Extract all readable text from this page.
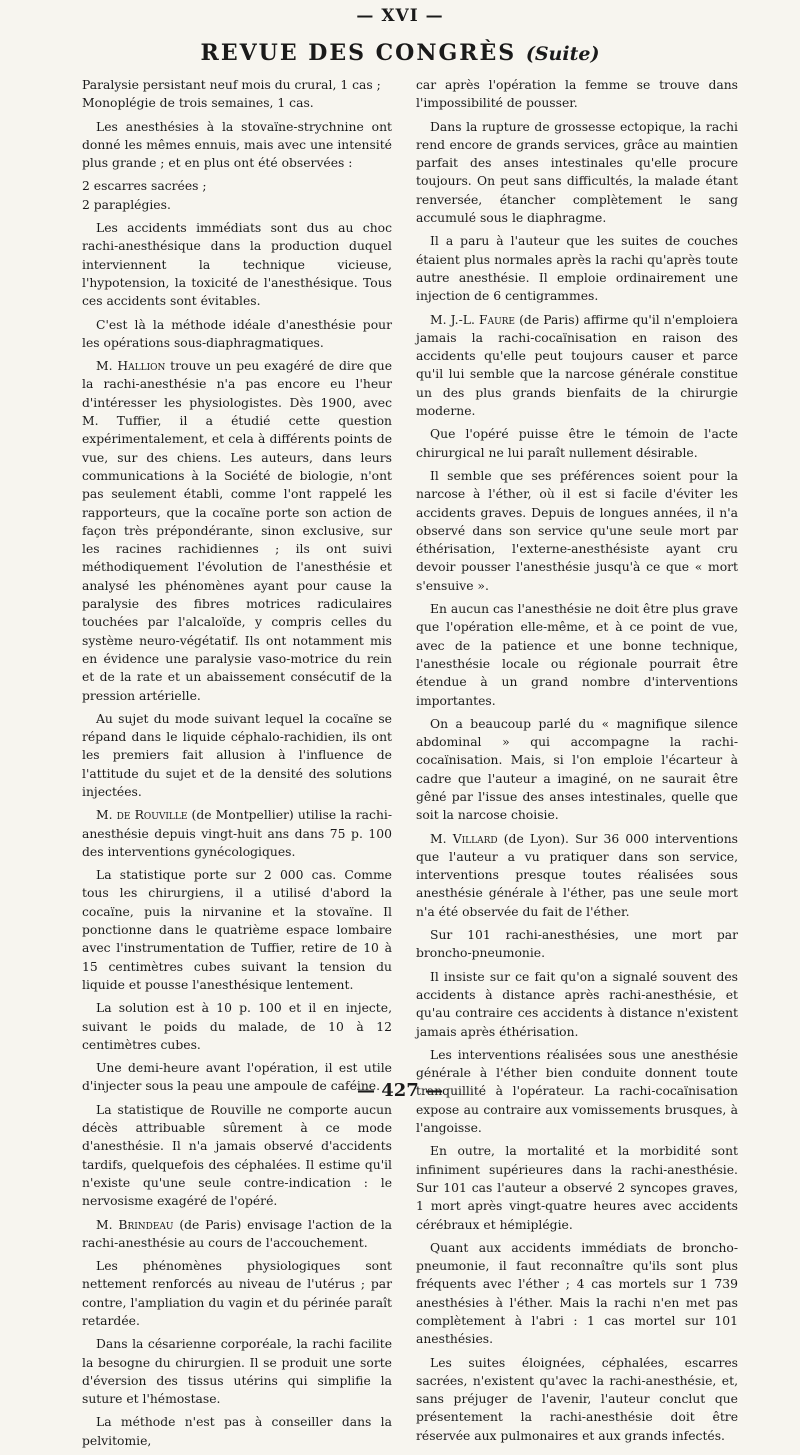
— XVI —
REVUE DES CONGRÈS (Suite)

Paralysie persistant neuf mois du crural, 1 cas ;

Monoplégie de trois semaines, 1 cas.

Les anesthésies à la stovaïne-strychnine ont donné les mêmes ennuis, mais avec une intensité plus grande ; et en plus ont été observées :

2 escarres sacrées ;

2 paraplégies.

Les accidents immédiats sont dus au choc rachi-anesthésique dans la production duquel interviennent la technique vicieuse, l'hypotension, la toxicité de l'anesthésique. Tous ces accidents sont évitables.

C'est là la méthode idéale d'anesthésie pour les opérations sous-diaphragmatiques.

M. Hallion trouve un peu exagéré de dire que la rachi-anesthésie n'a pas encore eu l'heur d'intéresser les physiologistes. Dès 1900, avec M. Tuffier, il a étudié cette question expérimentalement, et cela à différents points de vue, sur des chiens. Les auteurs, dans leurs communications à la Société de biologie, n'ont pas seulement établi, comme l'ont rappelé les rapporteurs, que la cocaïne porte son action de façon très prépondérante, sinon exclusive, sur les racines rachidiennes ; ils ont suivi méthodiquement l'évolution de l'anesthésie et analysé les phénomènes ayant pour cause la paralysie des fibres motrices radiculaires touchées par l'alcaloïde, y compris celles du système neuro-végétatif. Ils ont notamment mis en évidence une paralysie vaso-motrice du rein et de la rate et un abaissement consécutif de la pression artérielle.

Au sujet du mode suivant lequel la cocaïne se répand dans le liquide céphalo-rachidien, ils ont les premiers fait allusion à l'influence de l'attitude du sujet et de la densité des solutions injectées.

M. de Rouville (de Montpellier) utilise la rachi-anesthésie depuis vingt-huit ans dans 75 p. 100 des interventions gynécologiques.

La statistique porte sur 2 000 cas. Comme tous les chirurgiens, il a utilisé d'abord la cocaïne, puis la nirvanine et la stovaïne. Il ponctionne dans le quatrième espace lombaire avec l'instrumentation de Tuffier, retire de 10 à 15 centimètres cubes suivant la tension du liquide et pousse l'anesthésique lentement.

La solution est à 10 p. 100 et il en injecte, suivant le poids du malade, de 10 à 12 centimètres cubes.

Une demi-heure avant l'opération, il est utile d'injecter sous la peau une ampoule de caféine.

La statistique de Rouville ne comporte aucun décès attribuable sûrement à ce mode d'anesthésie. Il n'a jamais observé d'accidents tardifs, quelquefois des céphalées. Il estime qu'il n'existe qu'une seule contre-indication : le nervosisme exagéré de l'opéré.

M. Brindeau (de Paris) envisage l'action de la rachi-anesthésie au cours de l'accouchement.

Les phénomènes physiologiques sont nettement renforcés au niveau de l'utérus ; par contre, l'ampliation du vagin et du périnée paraît retardée.

Dans la césarienne corporéale, la rachi facilite la besogne du chirurgien. Il se produit une sorte d'éversion des tissus utérins qui simplifie la suture et l'hémostase.

La méthode n'est pas à conseiller dans la pelvitomie,

car après l'opération la femme se trouve dans l'impossibilité de pousser.

Dans la rupture de grossesse ectopique, la rachi rend encore de grands services, grâce au maintien parfait des anses intestinales qu'elle procure toujours. On peut sans difficultés, la malade étant renversée, étancher complètement le sang accumulé sous le diaphragme.

Il a paru à l'auteur que les suites de couches étaient plus normales après la rachi qu'après toute autre anesthésie. Il emploie ordinairement une injection de 6 centigrammes.

M. J.-L. Faure (de Paris) affirme qu'il n'emploiera jamais la rachi-cocaïnisation en raison des accidents qu'elle peut toujours causer et parce qu'il lui semble que la narcose générale constitue un des plus grands bienfaits de la chirurgie moderne.

Que l'opéré puisse être le témoin de l'acte chirurgical ne lui paraît nullement désirable.

Il semble que ses préférences soient pour la narcose à l'éther, où il est si facile d'éviter les accidents graves. Depuis de longues années, il n'a observé dans son service qu'une seule mort par éthérisation, l'externe-anesthésiste ayant cru devoir pousser l'anesthésie jusqu'à ce que « mort s'ensuive ».

En aucun cas l'anesthésie ne doit être plus grave que l'opération elle-même, et à ce point de vue, avec de la patience et une bonne technique, l'anesthésie locale ou régionale pourrait être étendue à un grand nombre d'interventions importantes.

On a beaucoup parlé du « magnifique silence abdominal » qui accompagne la rachi-cocaïnisation. Mais, si l'on emploie l'écarteur à cadre que l'auteur a imaginé, on ne saurait être gêné par l'issue des anses intestinales, quelle que soit la narcose choisie.

M. Villard (de Lyon). Sur 36 000 interventions que l'auteur a vu pratiquer dans son service, interventions presque toutes réalisées sous anesthésie générale à l'éther, pas une seule mort n'a été observée du fait de l'éther.

Sur 101 rachi-anesthésies, une mort par broncho-pneumonie.

Il insiste sur ce fait qu'on a signalé souvent des accidents à distance après rachi-anesthésie, et qu'au contraire ces accidents à distance n'existent jamais après éthérisation.

Les interventions réalisées sous une anesthésie générale à l'éther bien conduite donnent toute tranquillité à l'opérateur. La rachi-cocaïnisation expose au contraire aux vomissements brusques, à l'angoisse.

En outre, la mortalité et la morbidité sont infiniment supérieures dans la rachi-anesthésie. Sur 101 cas l'auteur a observé 2 syncopes graves, 1 mort après vingt-quatre heures avec accidents cérébraux et hémiplégie.

Quant aux accidents immédiats de broncho-pneumonie, il faut reconnaître qu'ils sont plus fréquents avec l'éther ; 4 cas mortels sur 1 739 anesthésies à l'éther. Mais la rachi n'en met pas complètement à l'abri : 1 cas mortel sur 101 anesthésies.

Les suites éloignées, céphalées, escarres sacrées, n'existent qu'avec la rachi-anesthésie, et, sans préjuger de l'avenir, l'auteur conclut que présentement la rachi-anesthésie doit être réservée aux pulmonaires et aux grands infectés.

— 427 —
